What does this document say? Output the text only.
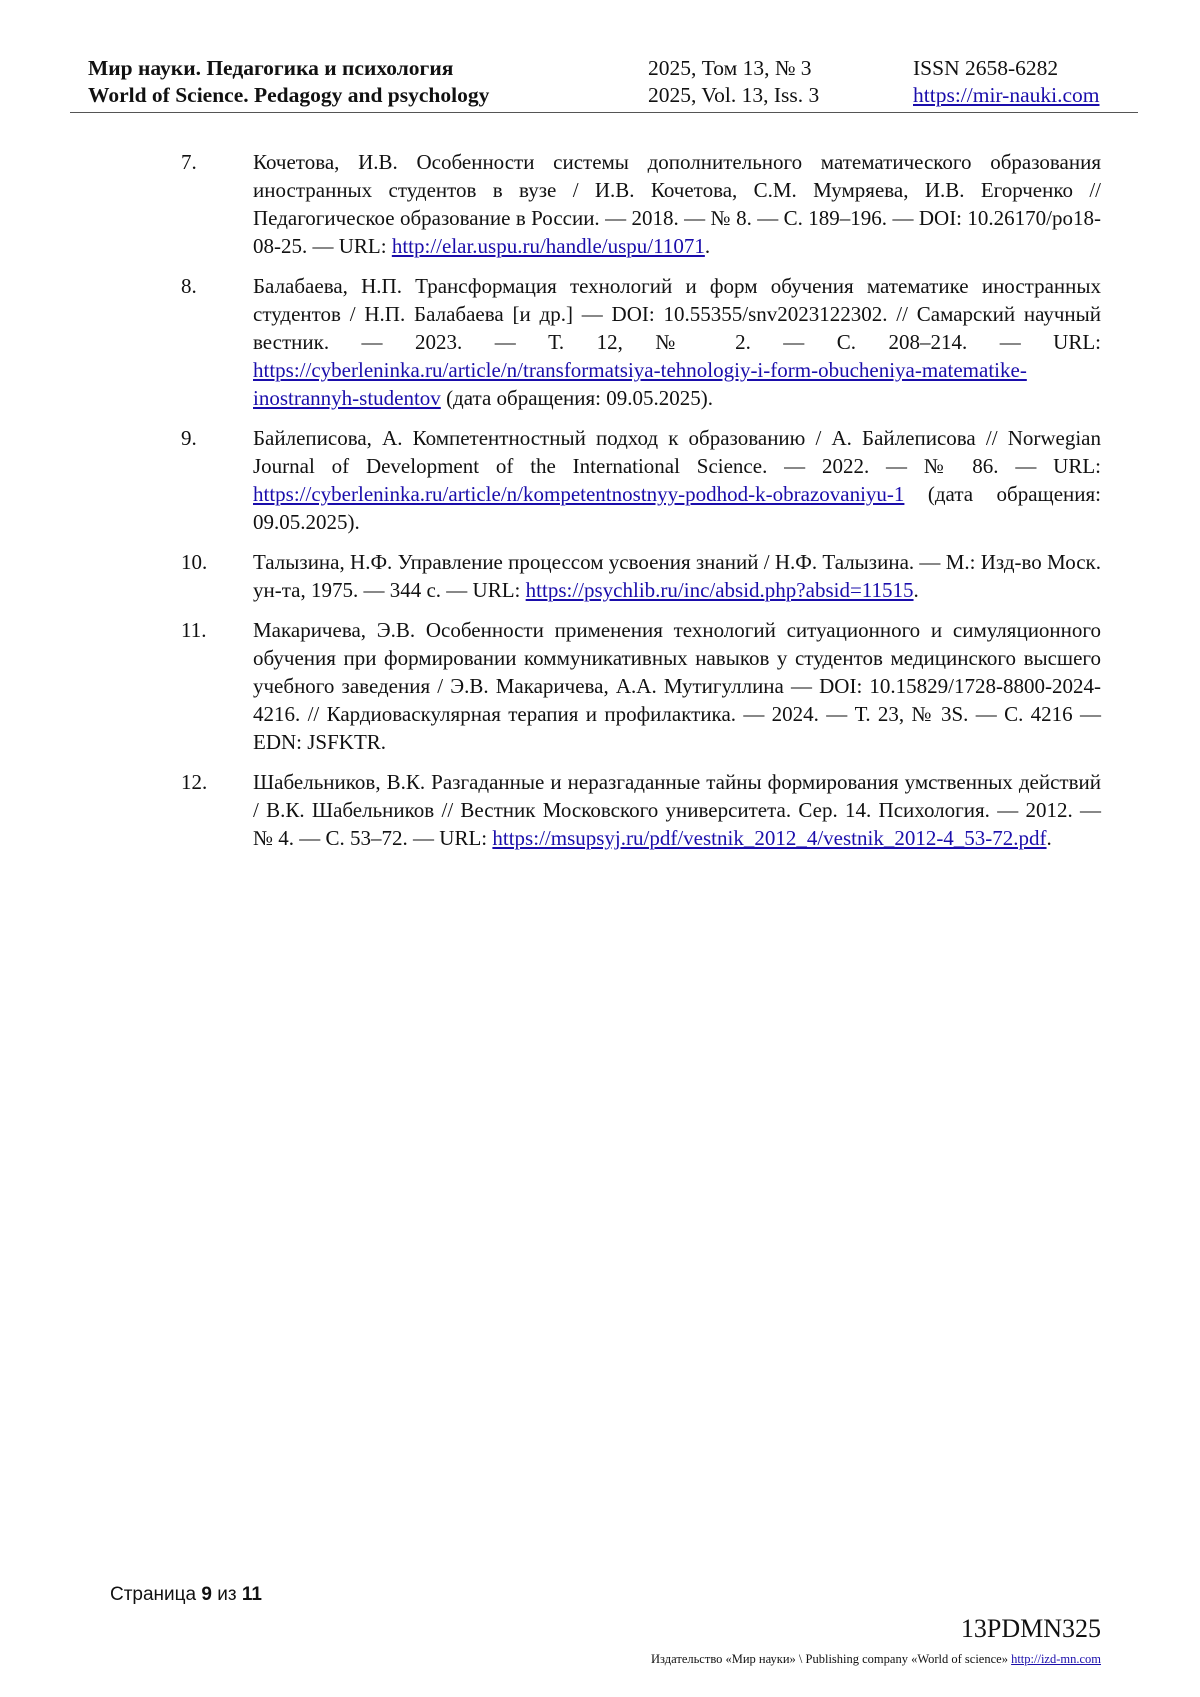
Мир науки. Педагогика и психология	2025, Том 13, № 3	ISSN 2658-6282
World of Science. Pedagogy and psychology	2025, Vol. 13, Iss. 3	https://mir-nauki.com
7.	Кочетова, И.В. Особенности системы дополнительного математического образования иностранных студентов в вузе / И.В. Кочетова, С.М. Мумряева, И.В. Егорченко // Педагогическое образование в России. — 2018. — № 8. — С. 189–196. — DOI: 10.26170/po18-08-25. — URL: http://elar.uspu.ru/handle/uspu/11071.
8.	Балабаева, Н.П. Трансформация технологий и форм обучения математике иностранных студентов / Н.П. Балабаева [и др.] — DOI: 10.55355/snv2023122302. // Самарский научный вестник. — 2023. — Т. 12, № 2. — С. 208–214. — URL: https://cyberleninka.ru/article/n/transformatsiya-tehnologiy-i-form-obucheniya-matematike-inostrannyh-studentov (дата обращения: 09.05.2025).
9.	Байлеписова, А. Компетентностный подход к образованию / А. Байлеписова // Norwegian Journal of Development of the International Science. — 2022. — № 86. — URL: https://cyberleninka.ru/article/n/kompetentnostnyy-podhod-k-obrazovaniyu-1 (дата обращения: 09.05.2025).
10. Талызина, Н.Ф. Управление процессом усвоения знаний / Н.Ф. Талызина. — М.: Изд-во Моск. ун-та, 1975. — 344 с. — URL: https://psychlib.ru/inc/absid.php?absid=11515.
11. Макаричева, Э.В. Особенности применения технологий ситуационного и симуляционного обучения при формировании коммуникативных навыков у студентов медицинского высшего учебного заведения / Э.В. Макаричева, А.А. Мутигуллина — DOI: 10.15829/1728-8800-2024-4216. // Кардиоваскулярная терапия и профилактика. — 2024. — Т. 23, № 3S. — С. 4216 — EDN: JSFKTR.
12. Шабельников, В.К. Разгаданные и неразгаданные тайны формирования умственных действий / В.К. Шабельников // Вестник Московского университета. Сер. 14. Психология. — 2012. — № 4. — С. 53–72. — URL: https://msupsyj.ru/pdf/vestnik_2012_4/vestnik_2012-4_53-72.pdf.
Страница 9 из 11
13PDMN325
Издательство «Мир науки» \ Publishing company «World of science» http://izd-mn.com
